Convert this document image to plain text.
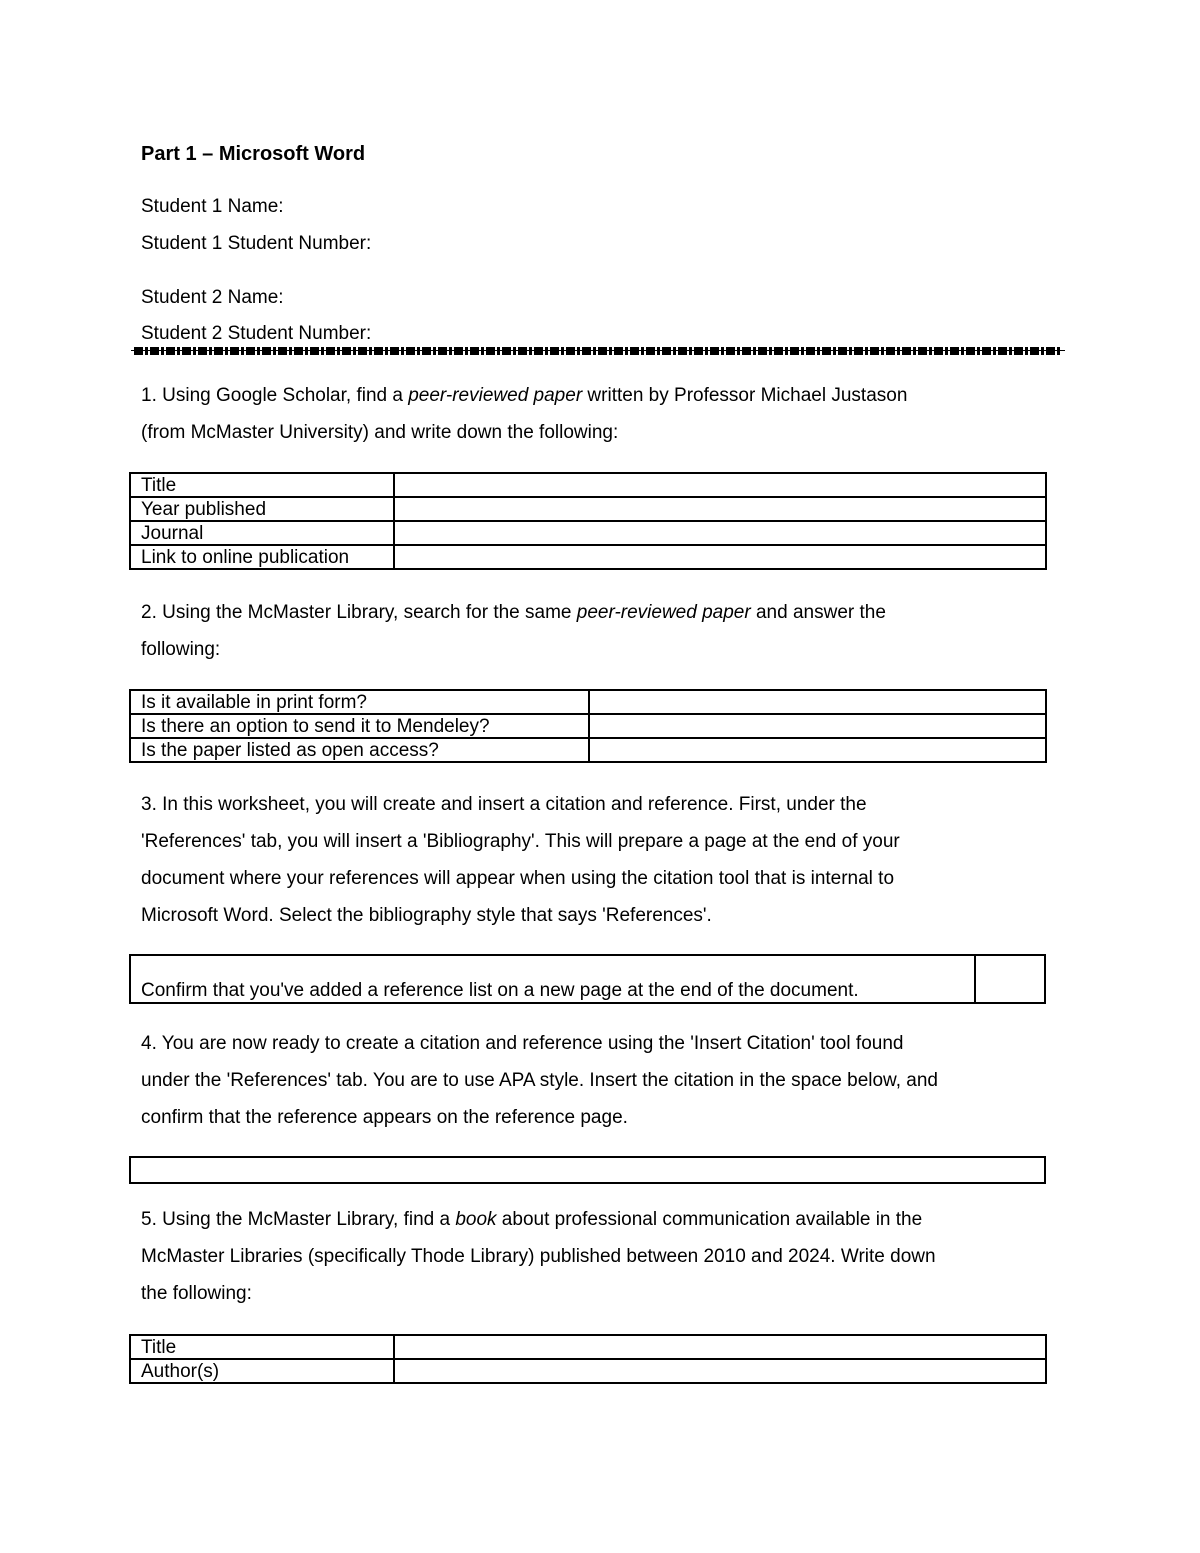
Part 1 – Microsoft Word
Student 1 Name:
Student 1 Student Number:
Student 2 Name:
Student 2 Student Number:

1. Using Google Scholar, find a peer-reviewed paper written by Professor Michael Justason

(from McMaster University) and write down the following:

Title	
Year published	
Journal	
Link to online publication	

2. Using the McMaster Library, search for the same peer-reviewed paper and answer the

following:

Is it available in print form?	
Is there an option to send it to Mendeley?	
Is the paper listed as open access?	

3. In this worksheet, you will create and insert a citation and reference. First, under the

'References' tab, you will insert a 'Bibliography'. This will prepare a page at the end of your

document where your references will appear when using the citation tool that is internal to

Microsoft Word. Select the bibliography style that says 'References'.

Confirm that you've added a reference list on a new page at the end of the document.

4. You are now ready to create a citation and reference using the 'Insert Citation' tool found

under the 'References' tab. You are to use APA style. Insert the citation in the space below, and

confirm that the reference appears on the reference page.

5. Using the McMaster Library, find a book about professional communication available in the

McMaster Libraries (specifically Thode Library) published between 2010 and 2024. Write down

the following:

Title	
Author(s)	
